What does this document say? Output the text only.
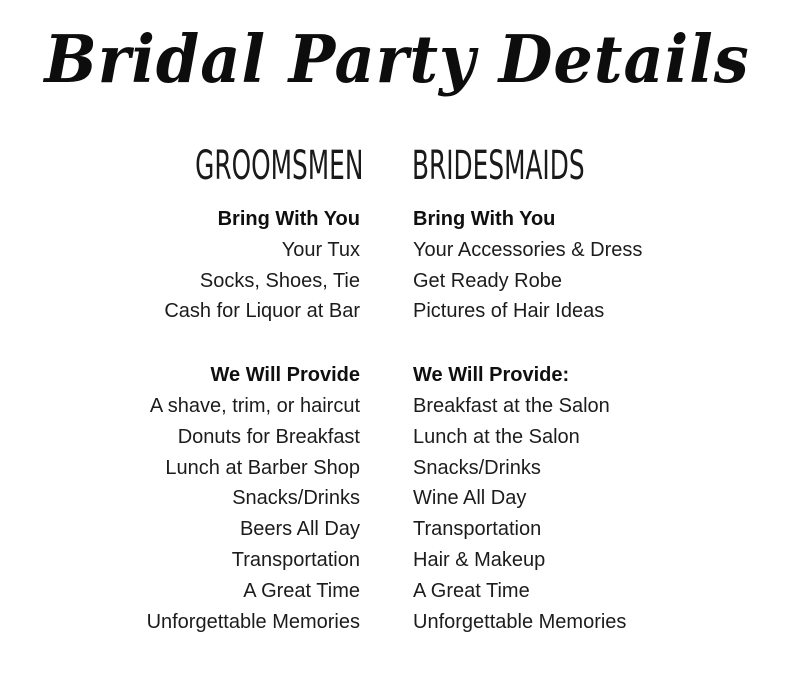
Bridal Party Details
GROOMSMEN BRIDESMAIDS
Bring With You
Your Tux
Socks, Shoes, Tie
Cash for Liquor at Bar
We Will Provide
A shave, trim, or haircut
Donuts for Breakfast
Lunch at Barber Shop
Snacks/Drinks
Beers All Day
Transportation
A Great Time
Unforgettable Memories
Bring With You
Your Accessories & Dress
Get Ready Robe
Pictures of Hair Ideas
We Will Provide:
Breakfast at the Salon
Lunch at the Salon
Snacks/Drinks
Wine All Day
Transportation
Hair & Makeup
A Great Time
Unforgettable Memories
